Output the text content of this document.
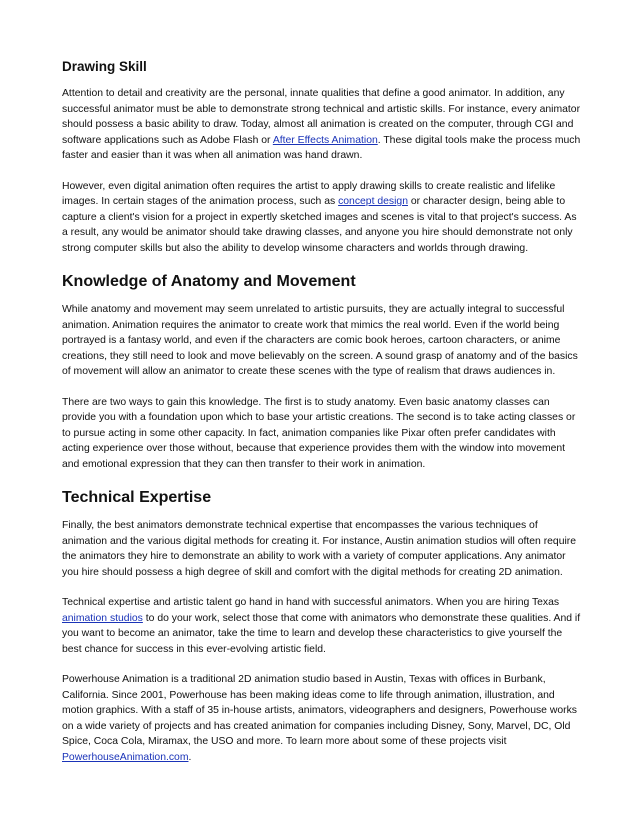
Drawing Skill

Attention to detail and creativity are the personal, innate qualities that define a good animator. In addition, any successful animator must be able to demonstrate strong technical and artistic skills. For instance, every animator should possess a basic ability to draw. Today, almost all animation is created on the computer, through CGI and software applications such as Adobe Flash or After Effects Animation. These digital tools make the process much faster and easier than it was when all animation was hand drawn.

However, even digital animation often requires the artist to apply drawing skills to create realistic and lifelike images. In certain stages of the animation process, such as concept design or character design, being able to capture a client's vision for a project in expertly sketched images and scenes is vital to that project's success. As a result, any would be animator should take drawing classes, and anyone you hire should demonstrate not only strong computer skills but also the ability to develop winsome characters and worlds through drawing.

Knowledge of Anatomy and Movement

While anatomy and movement may seem unrelated to artistic pursuits, they are actually integral to successful animation. Animation requires the animator to create work that mimics the real world. Even if the world being portrayed is a fantasy world, and even if the characters are comic book heroes, cartoon characters, or anime creations, they still need to look and move believably on the screen. A sound grasp of anatomy and of the basics of movement will allow an animator to create these scenes with the type of realism that draws audiences in.

There are two ways to gain this knowledge. The first is to study anatomy. Even basic anatomy classes can provide you with a foundation upon which to base your artistic creations. The second is to take acting classes or to pursue acting in some other capacity. In fact, animation companies like Pixar often prefer candidates with acting experience over those without, because that experience provides them with the window into movement and emotional expression that they can then transfer to their work in animation.

Technical Expertise

Finally, the best animators demonstrate technical expertise that encompasses the various techniques of animation and the various digital methods for creating it. For instance, Austin animation studios will often require the animators they hire to demonstrate an ability to work with a variety of computer applications. Any animator you hire should possess a high degree of skill and comfort with the digital methods for creating 2D animation.

Technical expertise and artistic talent go hand in hand with successful animators. When you are hiring Texas animation studios to do your work, select those that come with animators who demonstrate these qualities. And if you want to become an animator, take the time to learn and develop these characteristics to give yourself the best chance for success in this ever-evolving artistic field.

Powerhouse Animation is a traditional 2D animation studio based in Austin, Texas with offices in Burbank, California. Since 2001, Powerhouse has been making ideas come to life through animation, illustration, and motion graphics. With a staff of 35 in-house artists, animators, videographers and designers, Powerhouse works on a wide variety of projects and has created animation for companies including Disney, Sony, Marvel, DC, Old Spice, Coca Cola, Miramax, the USO and more. To learn more about some of these projects visit PowerhouseAnimation.com.
